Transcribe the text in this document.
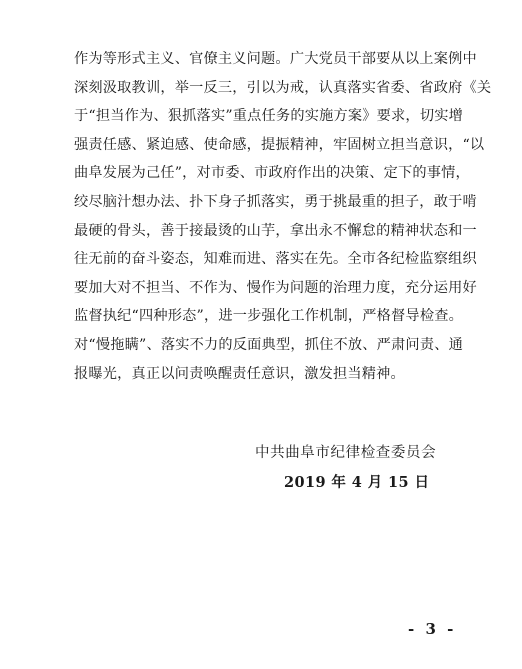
作为等形式主义、官僚主义问题。广大党员干部要从以上案例中
深刻汲取教训，举一反三，引以为戒，认真落实省委、省政府《关
于“担当作为、狠抓落实”重点任务的实施方案》要求，切实增
强责任感、紧迫感、使命感，提振精神，牢固树立担当意识，“以
曲阜发展为己任”，对市委、市政府作出的决策、定下的事情，
绞尽脑汁想办法、扑下身子抓落实，勇于挑最重的担子，敢于啃
最硬的骨头，善于接最烫的山芋，拿出永不懈怠的精神状态和一
往无前的奋斗姿态，知难而进、落实在先。全市各纪检监察组织
要加大对不担当、不作为、慢作为问题的治理力度，充分运用好
监督执纪“四种形态”，进一步强化工作机制，严格督导检查。
对“慢拖瞒”、落实不力的反面典型，抓住不放、严肃问责、通
报曝光，真正以问责唤醒责任意识，激发担当精神。
中共曲阜市纪律检查委员会
2019 年 4 月 15 日
- 3 -
